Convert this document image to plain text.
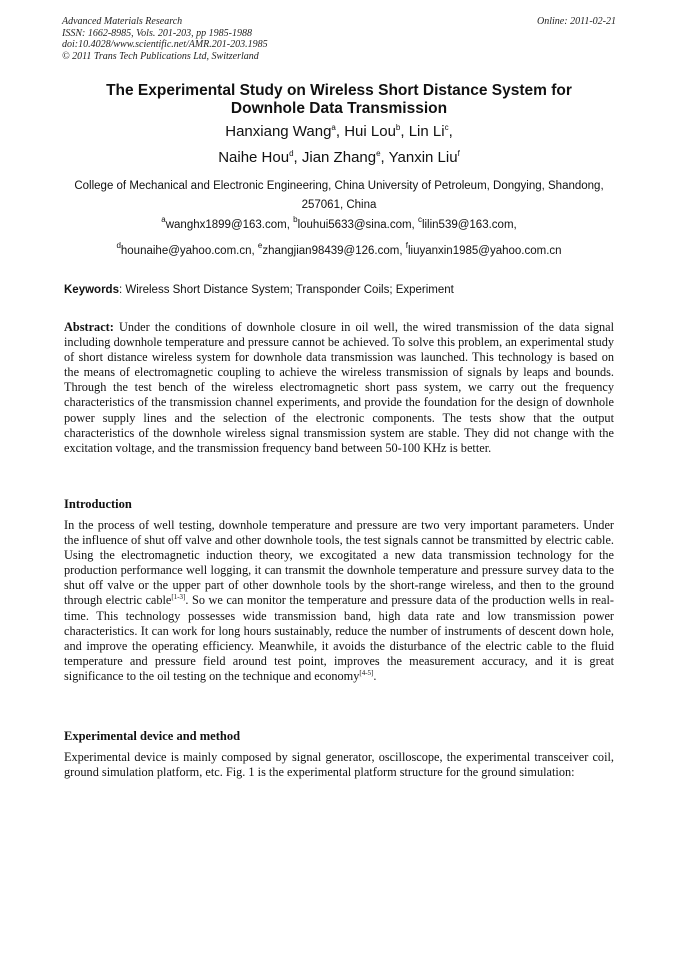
Advanced Materials Research
ISSN: 1662-8985, Vols. 201-203, pp 1985-1988
doi:10.4028/www.scientific.net/AMR.201-203.1985
© 2011 Trans Tech Publications Ltd, Switzerland
Online: 2011-02-21
The Experimental Study on Wireless Short Distance System for
Downhole Data Transmission
Hanxiang Wang$^a$, Hui Lou$^b$, Lin Li$^c$,
Naihe Hou$^d$, Jian Zhang$^e$, Yanxin Liu$^f$
College of Mechanical and Electronic Engineering, China University of Petroleum, Dongying, Shandong, 257061, China
$^a$wanghx1899@163.com, $^b$louhui5633@sina.com, $^c$lilin539@163.com,
$^d$hounaihe@yahoo.com.cn, $^e$zhangjian98439@126.com, $^f$liuyanxin1985@yahoo.com.cn
Keywords: Wireless Short Distance System; Transponder Coils; Experiment
Abstract: Under the conditions of downhole closure in oil well, the wired transmission of the data signal including downhole temperature and pressure cannot be achieved. To solve this problem, an experimental study of short distance wireless system for downhole data transmission was launched. This technology is based on the means of electromagnetic coupling to achieve the wireless transmission of signals by leaps and bounds. Through the test bench of the wireless electromagnetic short pass system, we carry out the frequency characteristics of the transmission channel experiments, and provide the foundation for the design of downhole power supply lines and the selection of the electronic components. The tests show that the output characteristics of the downhole wireless signal transmission system are stable. They did not change with the excitation voltage, and the transmission frequency band between 50-100 KHz is better.
Introduction
In the process of well testing, downhole temperature and pressure are two very important parameters. Under the influence of shut off valve and other downhole tools, the test signals cannot be transmitted by electric cable. Using the electromagnetic induction theory, we excogitated a new data transmission technology for the production performance well logging, it can transmit the downhole temperature and pressure survey data to the shut off valve or the upper part of other downhole tools by the short-range wireless, and then to the ground through electric cable[1-3]. So we can monitor the temperature and pressure data of the production wells in real-time. This technology possesses wide transmission band, high data rate and low transmission power characteristics. It can work for long hours sustainably, reduce the number of instruments of descent down hole, and improve the operating efficiency. Meanwhile, it avoids the disturbance of the electric cable to the fluid temperature and pressure field around test point, improves the measurement accuracy, and it is great significance to the oil testing on the technique and economy[4-5].
Experimental device and method
Experimental device is mainly composed by signal generator, oscilloscope, the experimental transceiver coil, ground simulation platform, etc. Fig. 1 is the experimental platform structure for the ground simulation:
